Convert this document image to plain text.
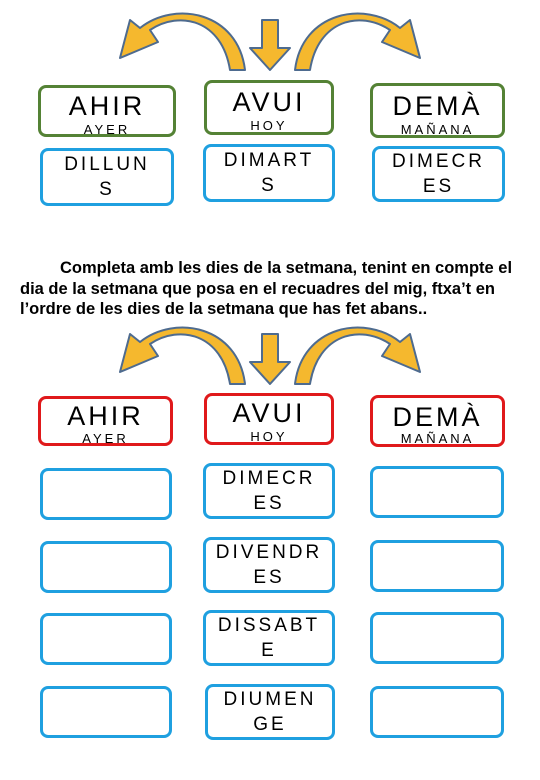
AHIR
AYER
AVUI
HOY
DEMÀ
MAÑANA
DILLUN
S
DIMART
S
DIMECR
ES
Completa amb les dies de la setmana, tenint en compte el dia de la setmana que posa en el recuadres del mig, ftxa’t en l’ordre de les dies de la setmana que has fet abans..
AHIR
AYER
AVUI
HOY
DEMÀ
MAÑANA
DIMECR
ES
DIVENDR
ES
DISSABT
E
DIUMEN
GE
